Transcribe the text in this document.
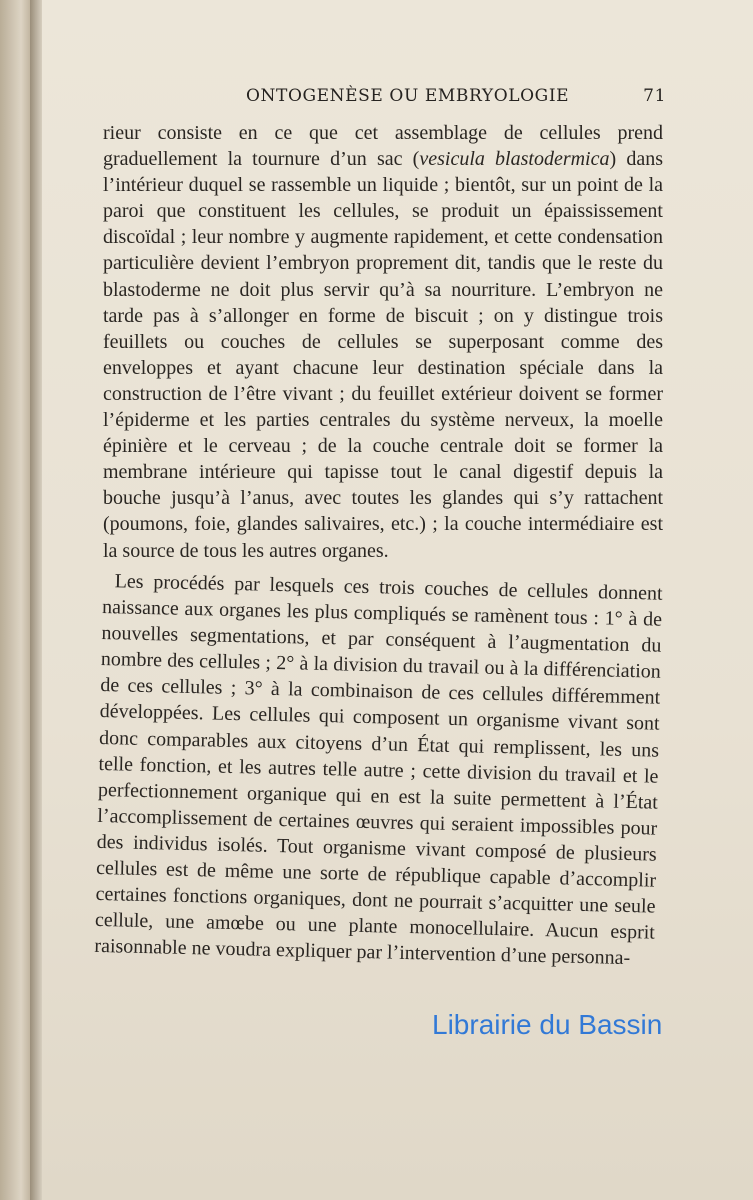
ONTOGENÈSE OU EMBRYOLOGIE	71

rieur consiste en ce que cet assemblage de cellules prend graduellement la tournure d’un sac (vesicula blastodermica) dans l’intérieur duquel se rassemble un liquide ; bientôt, sur un point de la paroi que constituent les cellules, se produit un épaississement discoïdal ; leur nombre y augmente rapidement, et cette condensation particulière devient l’embryon proprement dit, tandis que le reste du blastoderme ne doit plus servir qu’à sa nourriture. L’embryon ne tarde pas à s’allonger en forme de biscuit ; on y distingue trois feuillets ou couches de cellules se superposant comme des enveloppes et ayant chacune leur destination spéciale dans la construction de l’être vivant ; du feuillet extérieur doivent se former l’épiderme et les parties centrales du système nerveux, la moelle épinière et le cerveau ; de la couche centrale doit se former la membrane intérieure qui tapisse tout le canal digestif depuis la bouche jusqu’à l’anus, avec toutes les glandes qui s’y rattachent (poumons, foie, glandes salivaires, etc.) ; la couche intermédiaire est la source de tous les autres organes.

Les procédés par lesquels ces trois couches de cellules donnent naissance aux organes les plus compliqués se ramènent tous : 1° à de nouvelles segmentations, et par conséquent à l’augmentation du nombre des cellules ; 2° à la division du travail ou à la différenciation de ces cellules ; 3° à la combinaison de ces cellules différemment développées. Les cellules qui composent un organisme vivant sont donc comparables aux citoyens d’un État qui remplissent, les uns telle fonction, et les autres telle autre ; cette division du travail et le perfectionnement organique qui en est la suite permettent à l’État l’accomplissement de certaines œuvres qui seraient impossibles pour des individus isolés. Tout organisme vivant composé de plusieurs cellules est de même une sorte de république capable d’accomplir certaines fonctions organiques, dont ne pourrait s’acquitter une seule cellule, une amœbe ou une plante monocellulaire. Aucun esprit raisonnable ne voudra expliquer par l’intervention d’une personna-

Librairie du Bassin
